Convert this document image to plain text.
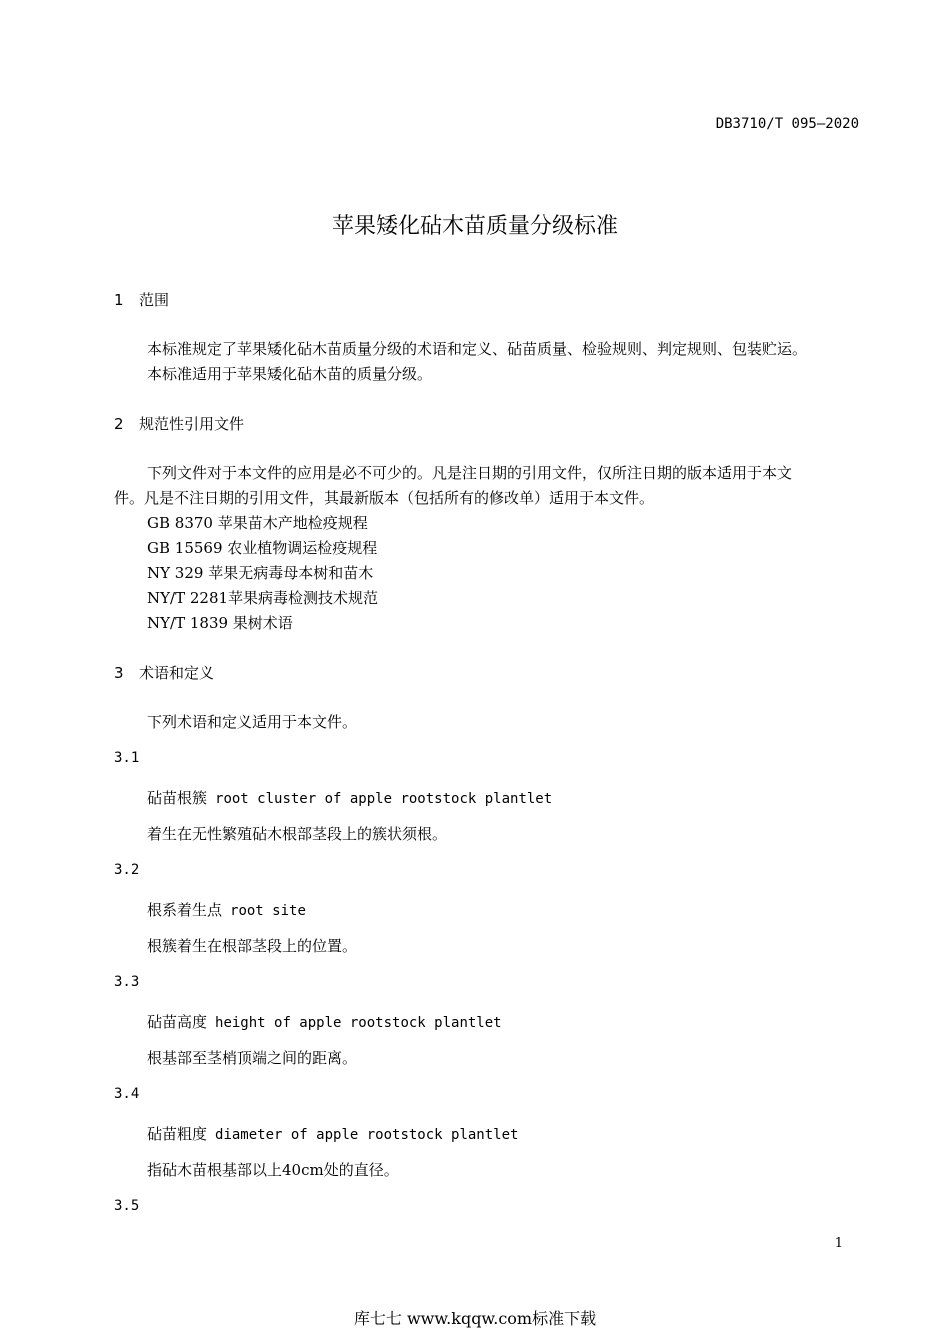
DB3710/T 095—2020
苹果矮化砧木苗质量分级标准
1 范围
本标准规定了苹果矮化砧木苗质量分级的术语和定义、砧苗质量、检验规则、判定规则、包装贮运。
本标准适用于苹果矮化砧木苗的质量分级。
2 规范性引用文件
下列文件对于本文件的应用是必不可少的。凡是注日期的引用文件，仅所注日期的版本适用于本文
件。凡是不注日期的引用文件，其最新版本（包括所有的修改单）适用于本文件。
GB 8370 苹果苗木产地检疫规程
GB 15569 农业植物调运检疫规程
NY 329 苹果无病毒母本树和苗木
NY/T 2281苹果病毒检测技术规范
NY/T 1839 果树术语
3 术语和定义
下列术语和定义适用于本文件。
3.1
砧苗根簇 root cluster of apple rootstock plantlet
着生在无性繁殖砧木根部茎段上的簇状须根。
3.2
根系着生点 root site
根簇着生在根部茎段上的位置。
3.3
砧苗高度 height of apple rootstock plantlet
根基部至茎梢顶端之间的距离。
3.4
砧苗粗度 diameter of apple rootstock plantlet
指砧木苗根基部以上40cm处的直径。
3.5
1
库七七 www.kqqw.com标准下载
